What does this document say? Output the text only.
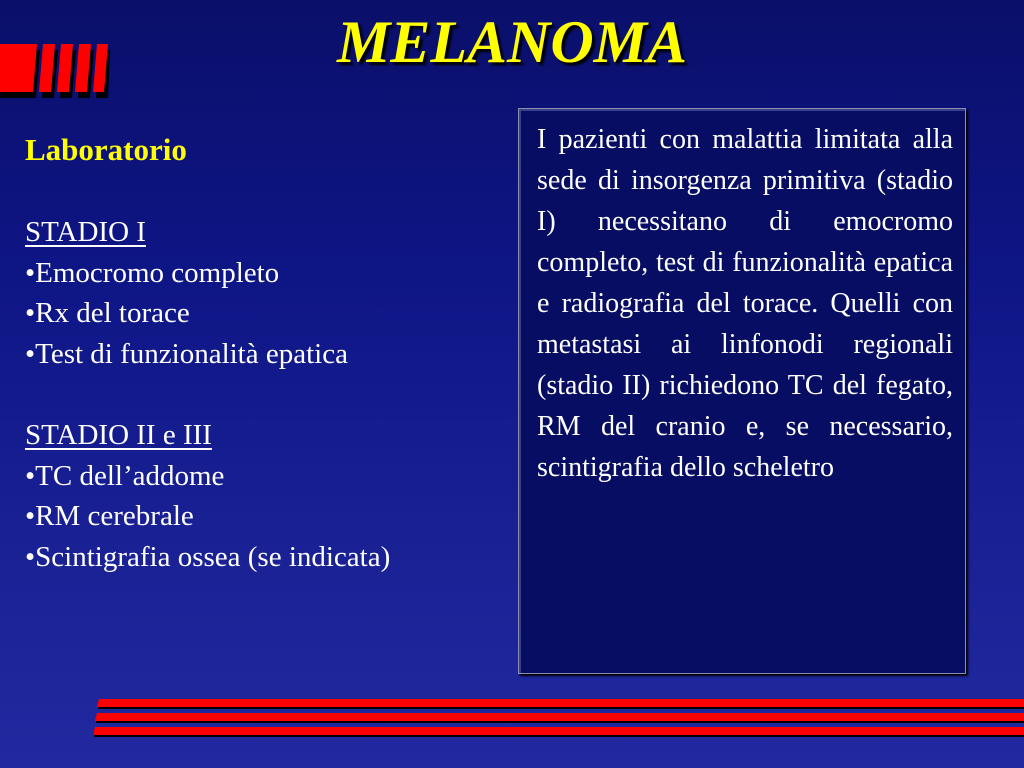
MELANOMA
Laboratorio
STADIO I
•Emocromo completo
•Rx del torace
•Test di funzionalità epatica
STADIO II e III
•TC dell’addome
•RM cerebrale
•Scintigrafia ossea (se indicata)

I pazienti con malattia limitata alla sede di insorgenza primitiva (stadio I) necessitano di emocromo completo, test di funzionalità epatica e radiografia del torace. Quelli con metastasi ai linfonodi regionali (stadio II) richiedono TC del fegato, RM del cranio e, se necessario, scintigrafia dello scheletro
